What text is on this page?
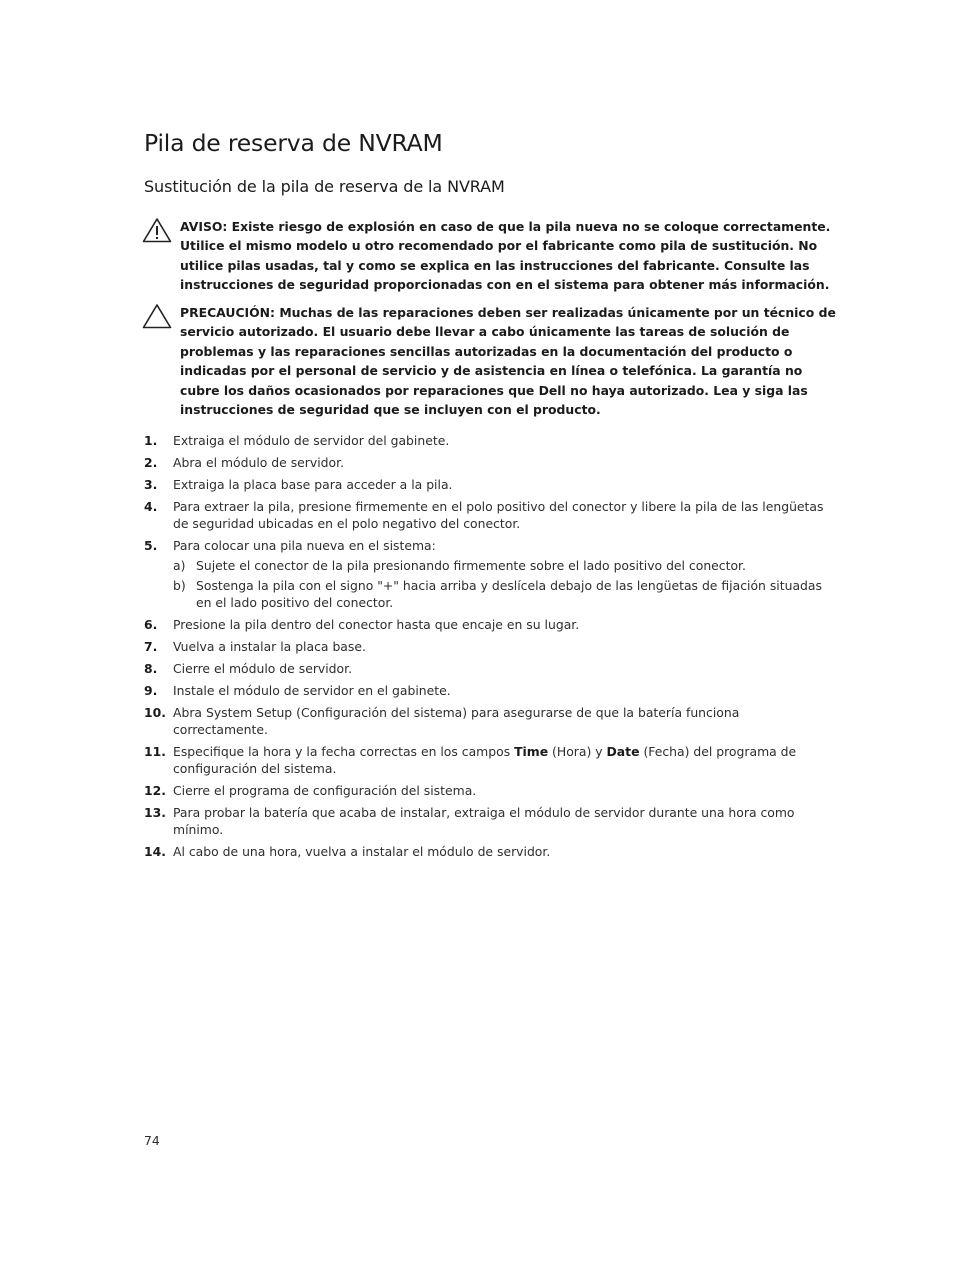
Pila de reserva de NVRAM
Sustitución de la pila de reserva de la NVRAM
AVISO: Existe riesgo de explosión en caso de que la pila nueva no se coloque correctamente. Utilice el mismo modelo u otro recomendado por el fabricante como pila de sustitución. No utilice pilas usadas, tal y como se explica en las instrucciones del fabricante. Consulte las instrucciones de seguridad proporcionadas con en el sistema para obtener más información.
PRECAUCIÓN: Muchas de las reparaciones deben ser realizadas únicamente por un técnico de servicio autorizado. El usuario debe llevar a cabo únicamente las tareas de solución de problemas y las reparaciones sencillas autorizadas en la documentación del producto o indicadas por el personal de servicio y de asistencia en línea o telefónica. La garantía no cubre los daños ocasionados por reparaciones que Dell no haya autorizado. Lea y siga las instrucciones de seguridad que se incluyen con el producto.
1. Extraiga el módulo de servidor del gabinete.
2. Abra el módulo de servidor.
3. Extraiga la placa base para acceder a la pila.
4. Para extraer la pila, presione firmemente en el polo positivo del conector y libere la pila de las lengüetas de seguridad ubicadas en el polo negativo del conector.
5. Para colocar una pila nueva en el sistema:
a) Sujete el conector de la pila presionando firmemente sobre el lado positivo del conector.
b) Sostenga la pila con el signo "+" hacia arriba y deslícela debajo de las lengüetas de fijación situadas en el lado positivo del conector.
6. Presione la pila dentro del conector hasta que encaje en su lugar.
7. Vuelva a instalar la placa base.
8. Cierre el módulo de servidor.
9. Instale el módulo de servidor en el gabinete.
10. Abra System Setup (Configuración del sistema) para asegurarse de que la batería funciona correctamente.
11. Especifique la hora y la fecha correctas en los campos Time (Hora) y Date (Fecha) del programa de configuración del sistema.
12. Cierre el programa de configuración del sistema.
13. Para probar la batería que acaba de instalar, extraiga el módulo de servidor durante una hora como mínimo.
14. Al cabo de una hora, vuelva a instalar el módulo de servidor.
74
